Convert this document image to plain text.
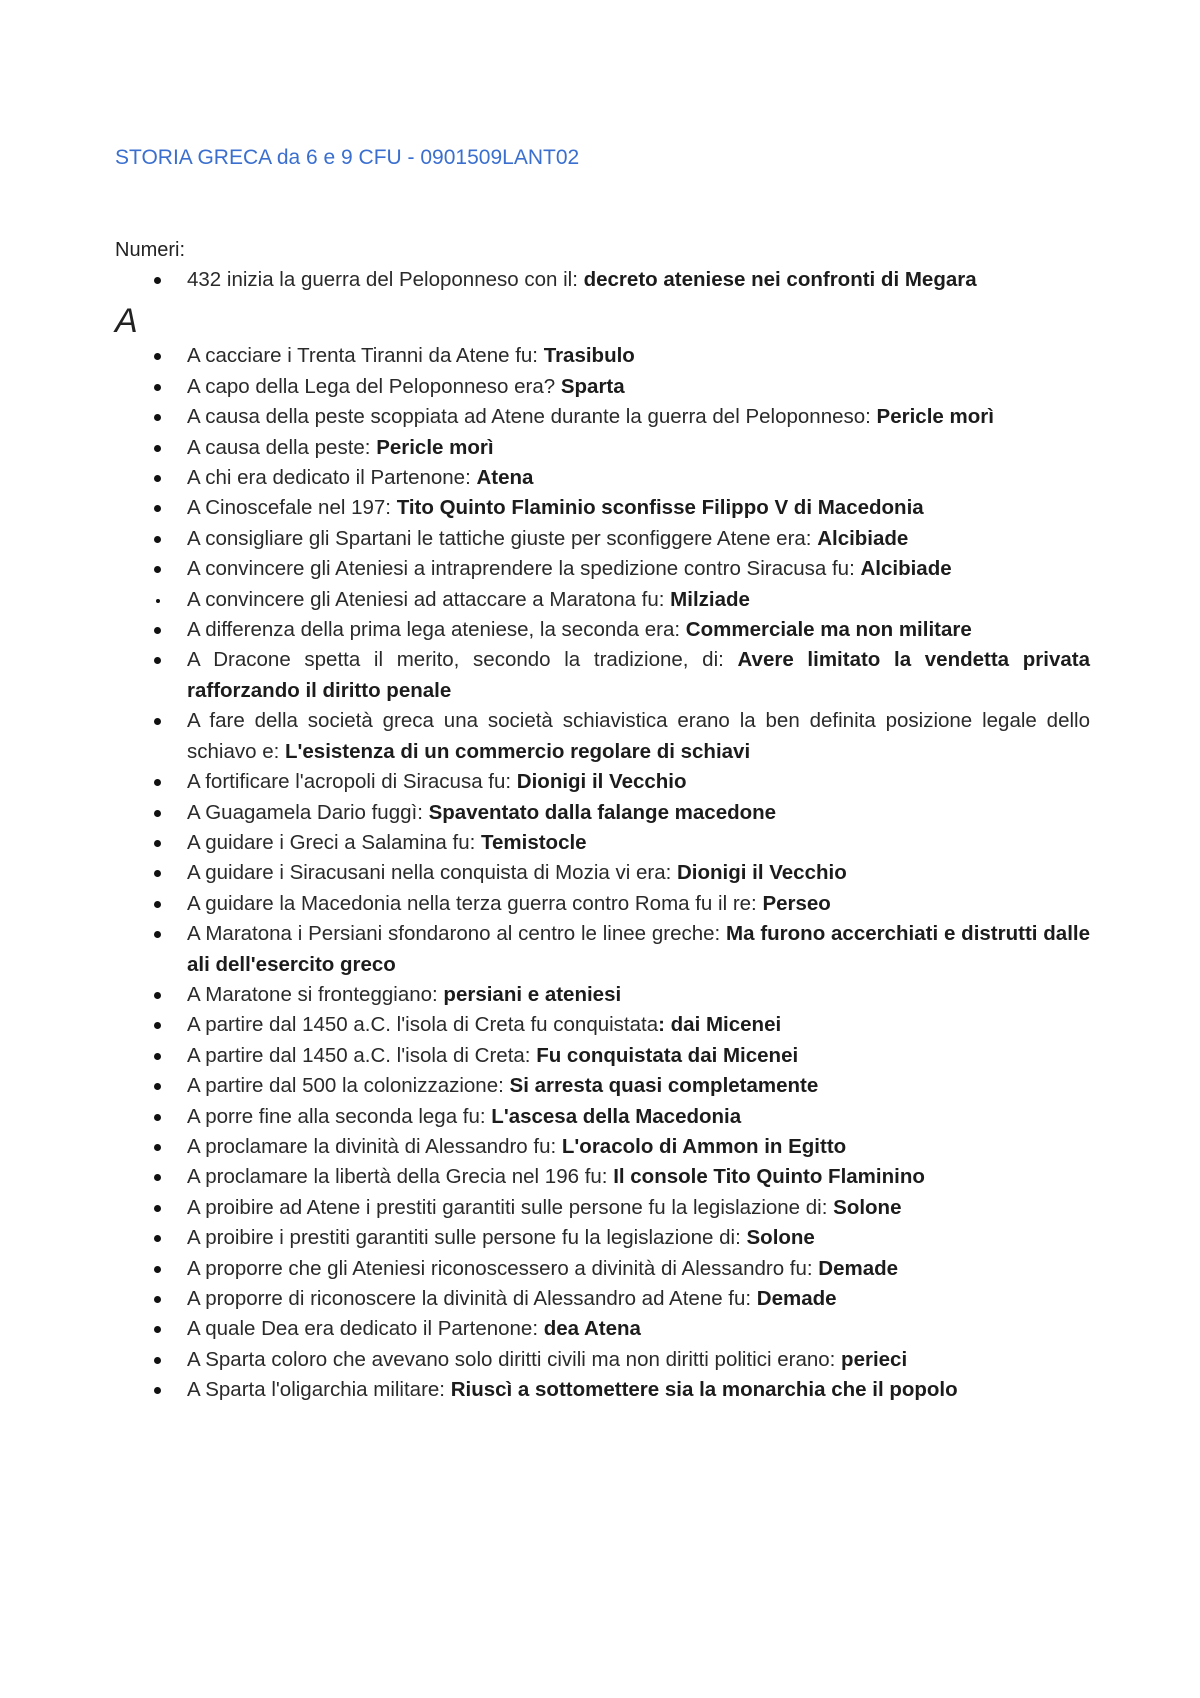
STORIA GRECA da 6 e 9 CFU - 0901509LANT02
Numeri:
432 inizia la guerra del Peloponneso con il: decreto ateniese nei confronti di Megara
A
A cacciare i Trenta Tiranni da Atene fu: Trasibulo
A capo della Lega del Peloponneso era? Sparta
A causa della peste scoppiata ad Atene durante la guerra del Peloponneso: Pericle morì
A causa della peste: Pericle morì
A chi era dedicato il Partenone: Atena
A Cinoscefale nel 197: Tito Quinto Flaminio sconfisse Filippo V di Macedonia
A consigliare gli Spartani le tattiche giuste per sconfiggere Atene era: Alcibiade
A convincere gli Ateniesi a intraprendere la spedizione contro Siracusa fu: Alcibiade
A convincere gli Ateniesi ad attaccare a Maratona fu: Milziade
A differenza della prima lega ateniese, la seconda era: Commerciale ma non militare
A Dracone spetta il merito, secondo la tradizione, di: Avere limitato la vendetta privata rafforzando il diritto penale
A fare della società greca una società schiavistica erano la ben definita posizione legale dello schiavo e: L'esistenza di un commercio regolare di schiavi
A fortificare l'acropoli di Siracusa fu: Dionigi il Vecchio
A Guagamela Dario fuggì: Spaventato dalla falange macedone
A guidare i Greci a Salamina fu: Temistocle
A guidare i Siracusani nella conquista di Mozia vi era: Dionigi il Vecchio
A guidare la Macedonia nella terza guerra contro Roma fu il re: Perseo
A Maratona i Persiani sfondarono al centro le linee greche: Ma furono accerchiati e distrutti dalle ali dell'esercito greco
A Maratone si fronteggiano: persiani e ateniesi
A partire dal 1450 a.C. l'isola di Creta fu conquistata: dai Micenei
A partire dal 1450 a.C. l'isola di Creta: Fu conquistata dai Micenei
A partire dal 500 la colonizzazione: Si arresta quasi completamente
A porre fine alla seconda lega fu: L'ascesa della Macedonia
A proclamare la divinità di Alessandro fu: L'oracolo di Ammon in Egitto
A proclamare la libertà della Grecia nel 196 fu: Il console Tito Quinto Flaminino
A proibire ad Atene i prestiti garantiti sulle persone fu la legislazione di: Solone
A proibire i prestiti garantiti sulle persone fu la legislazione di: Solone
A proporre che gli Ateniesi riconoscessero a divinità di Alessandro fu: Demade
A proporre di riconoscere la divinità di Alessandro ad Atene fu: Demade
A quale Dea era dedicato il Partenone: dea Atena
A Sparta coloro che avevano solo diritti civili ma non diritti politici erano: perieci
A Sparta l'oligarchia militare: Riuscì a sottomettere sia la monarchia che il popolo
